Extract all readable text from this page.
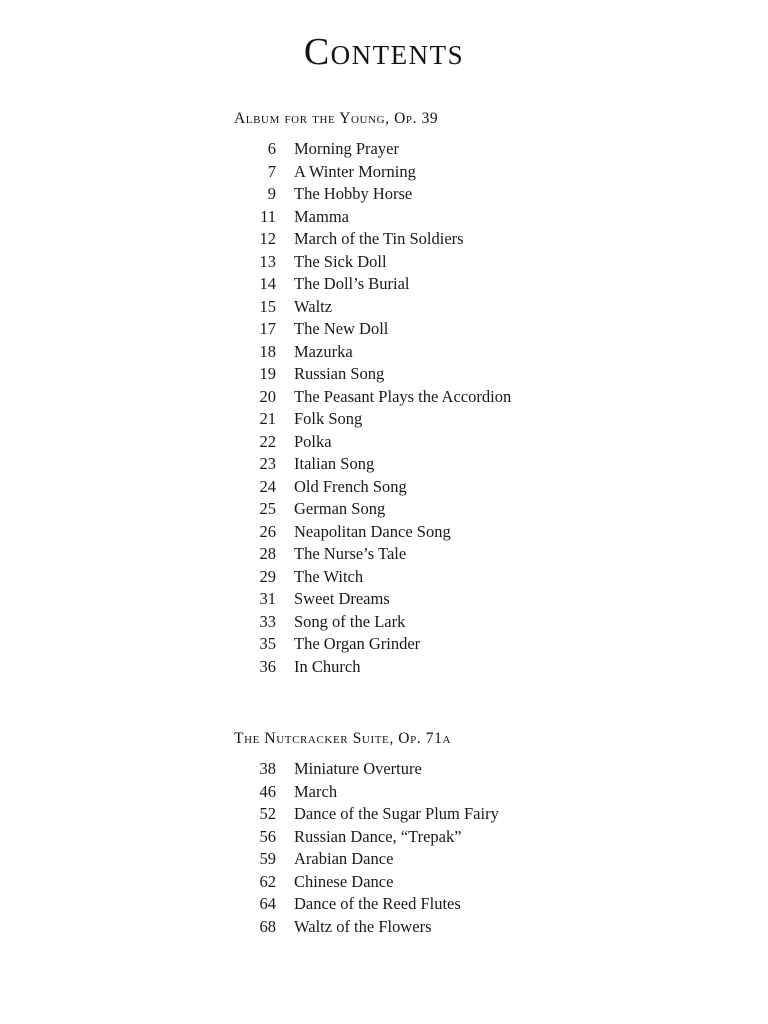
Contents
Album for the Young, Op. 39
6	Morning Prayer
7	A Winter Morning
9	The Hobby Horse
11	Mamma
12	March of the Tin Soldiers
13	The Sick Doll
14	The Doll’s Burial
15	Waltz
17	The New Doll
18	Mazurka
19	Russian Song
20	The Peasant Plays the Accordion
21	Folk Song
22	Polka
23	Italian Song
24	Old French Song
25	German Song
26	Neapolitan Dance Song
28	The Nurse’s Tale
29	The Witch
31	Sweet Dreams
33	Song of the Lark
35	The Organ Grinder
36	In Church
The Nutcracker Suite, Op. 71a
38	Miniature Overture
46	March
52	Dance of the Sugar Plum Fairy
56	Russian Dance, “Trepak”
59	Arabian Dance
62	Chinese Dance
64	Dance of the Reed Flutes
68	Waltz of the Flowers
